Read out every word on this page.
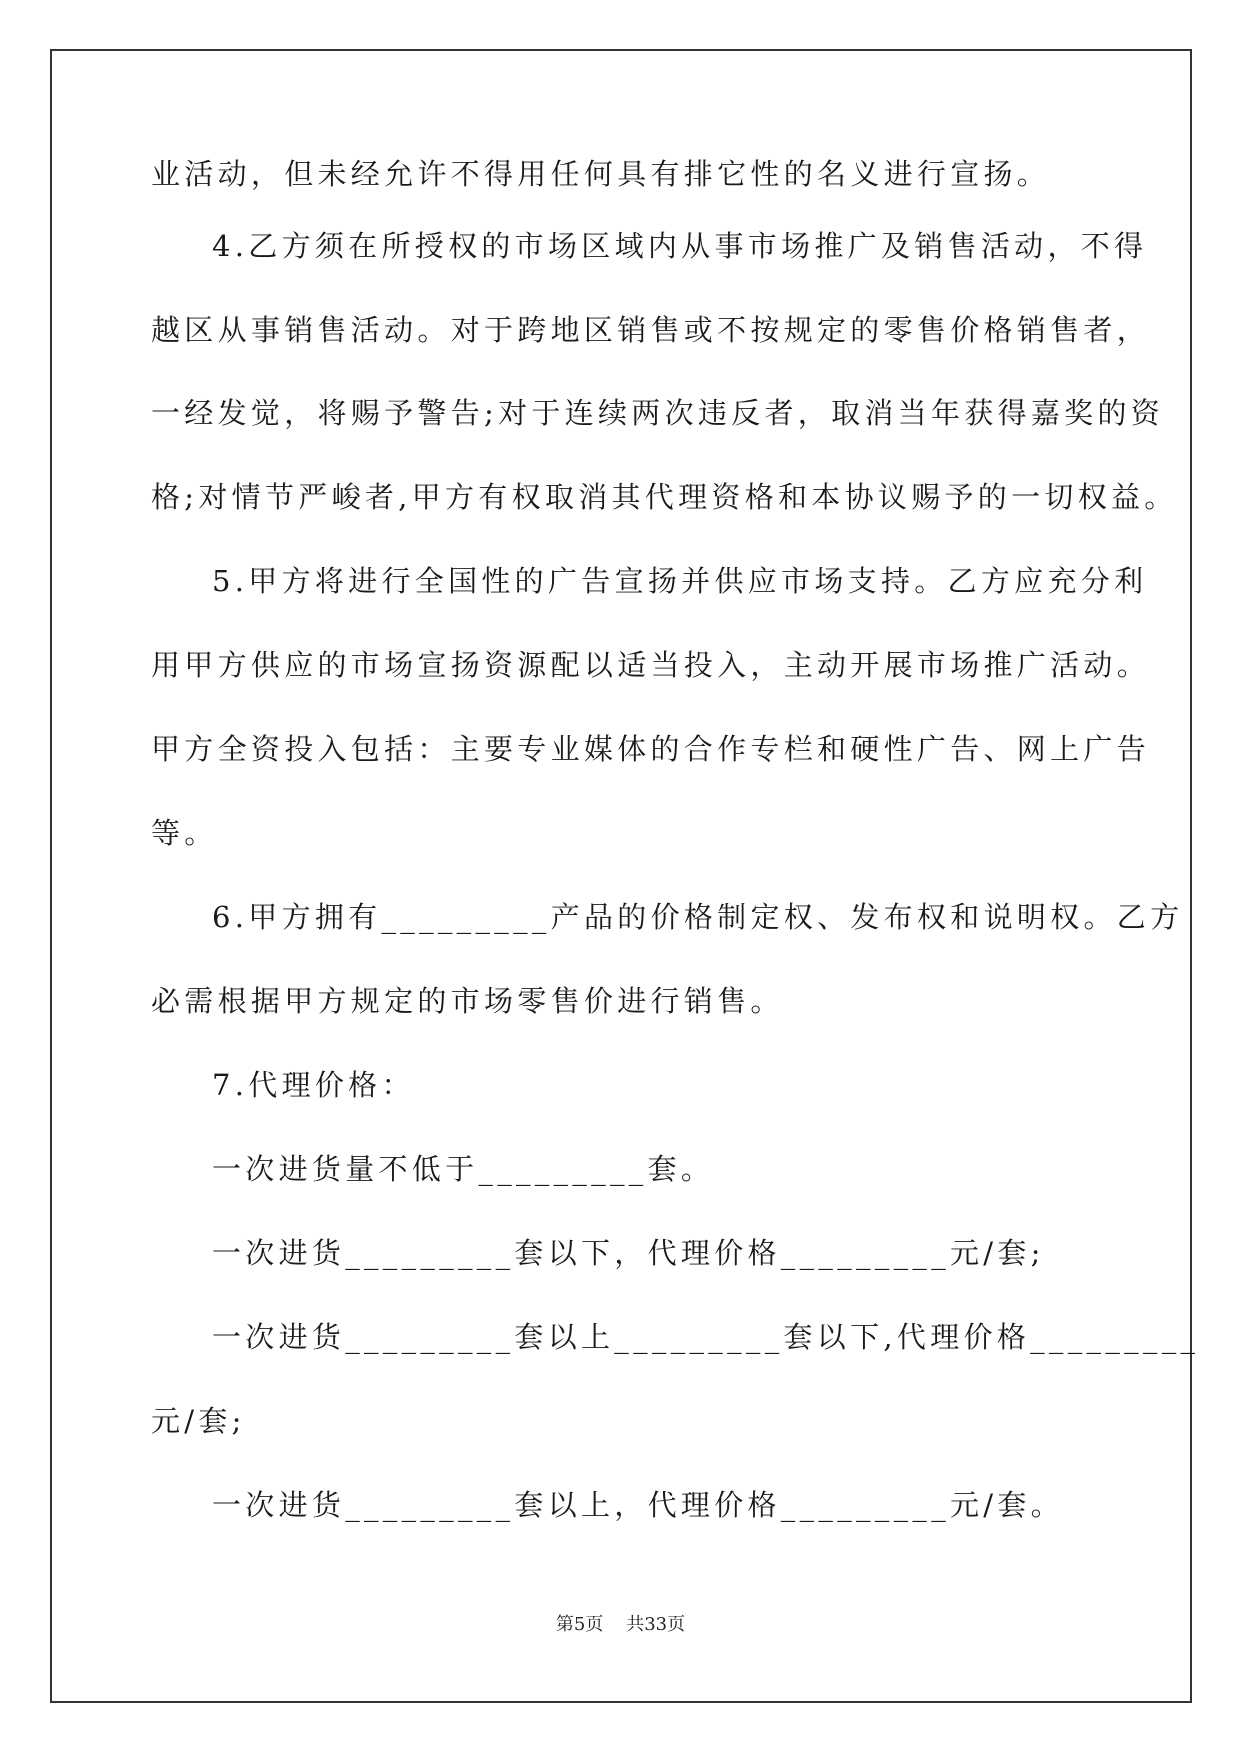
业活动，但未经允许不得用任何具有排它性的名义进行宣扬。
4.乙方须在所授权的市场区域内从事市场推广及销售活动，不得
越区从事销售活动。对于跨地区销售或不按规定的零售价格销售者，
一经发觉，将赐予警告;对于连续两次违反者，取消当年获得嘉奖的资
格;对情节严峻者,甲方有权取消其代理资格和本协议赐予的一切权益。
5.甲方将进行全国性的广告宣扬并供应市场支持。乙方应充分利
用甲方供应的市场宣扬资源配以适当投入，主动开展市场推广活动。
甲方全资投入包括：主要专业媒体的合作专栏和硬性广告、网上广告
等。
6.甲方拥有_________产品的价格制定权、发布权和说明权。乙方
必需根据甲方规定的市场零售价进行销售。
7.代理价格：
一次进货量不低于_________套。
一次进货_________套以下，代理价格_________元/套;
一次进货_________套以上_________套以下,代理价格_________
元/套;
一次进货_________套以上，代理价格_________元/套。
第5页    共33页
